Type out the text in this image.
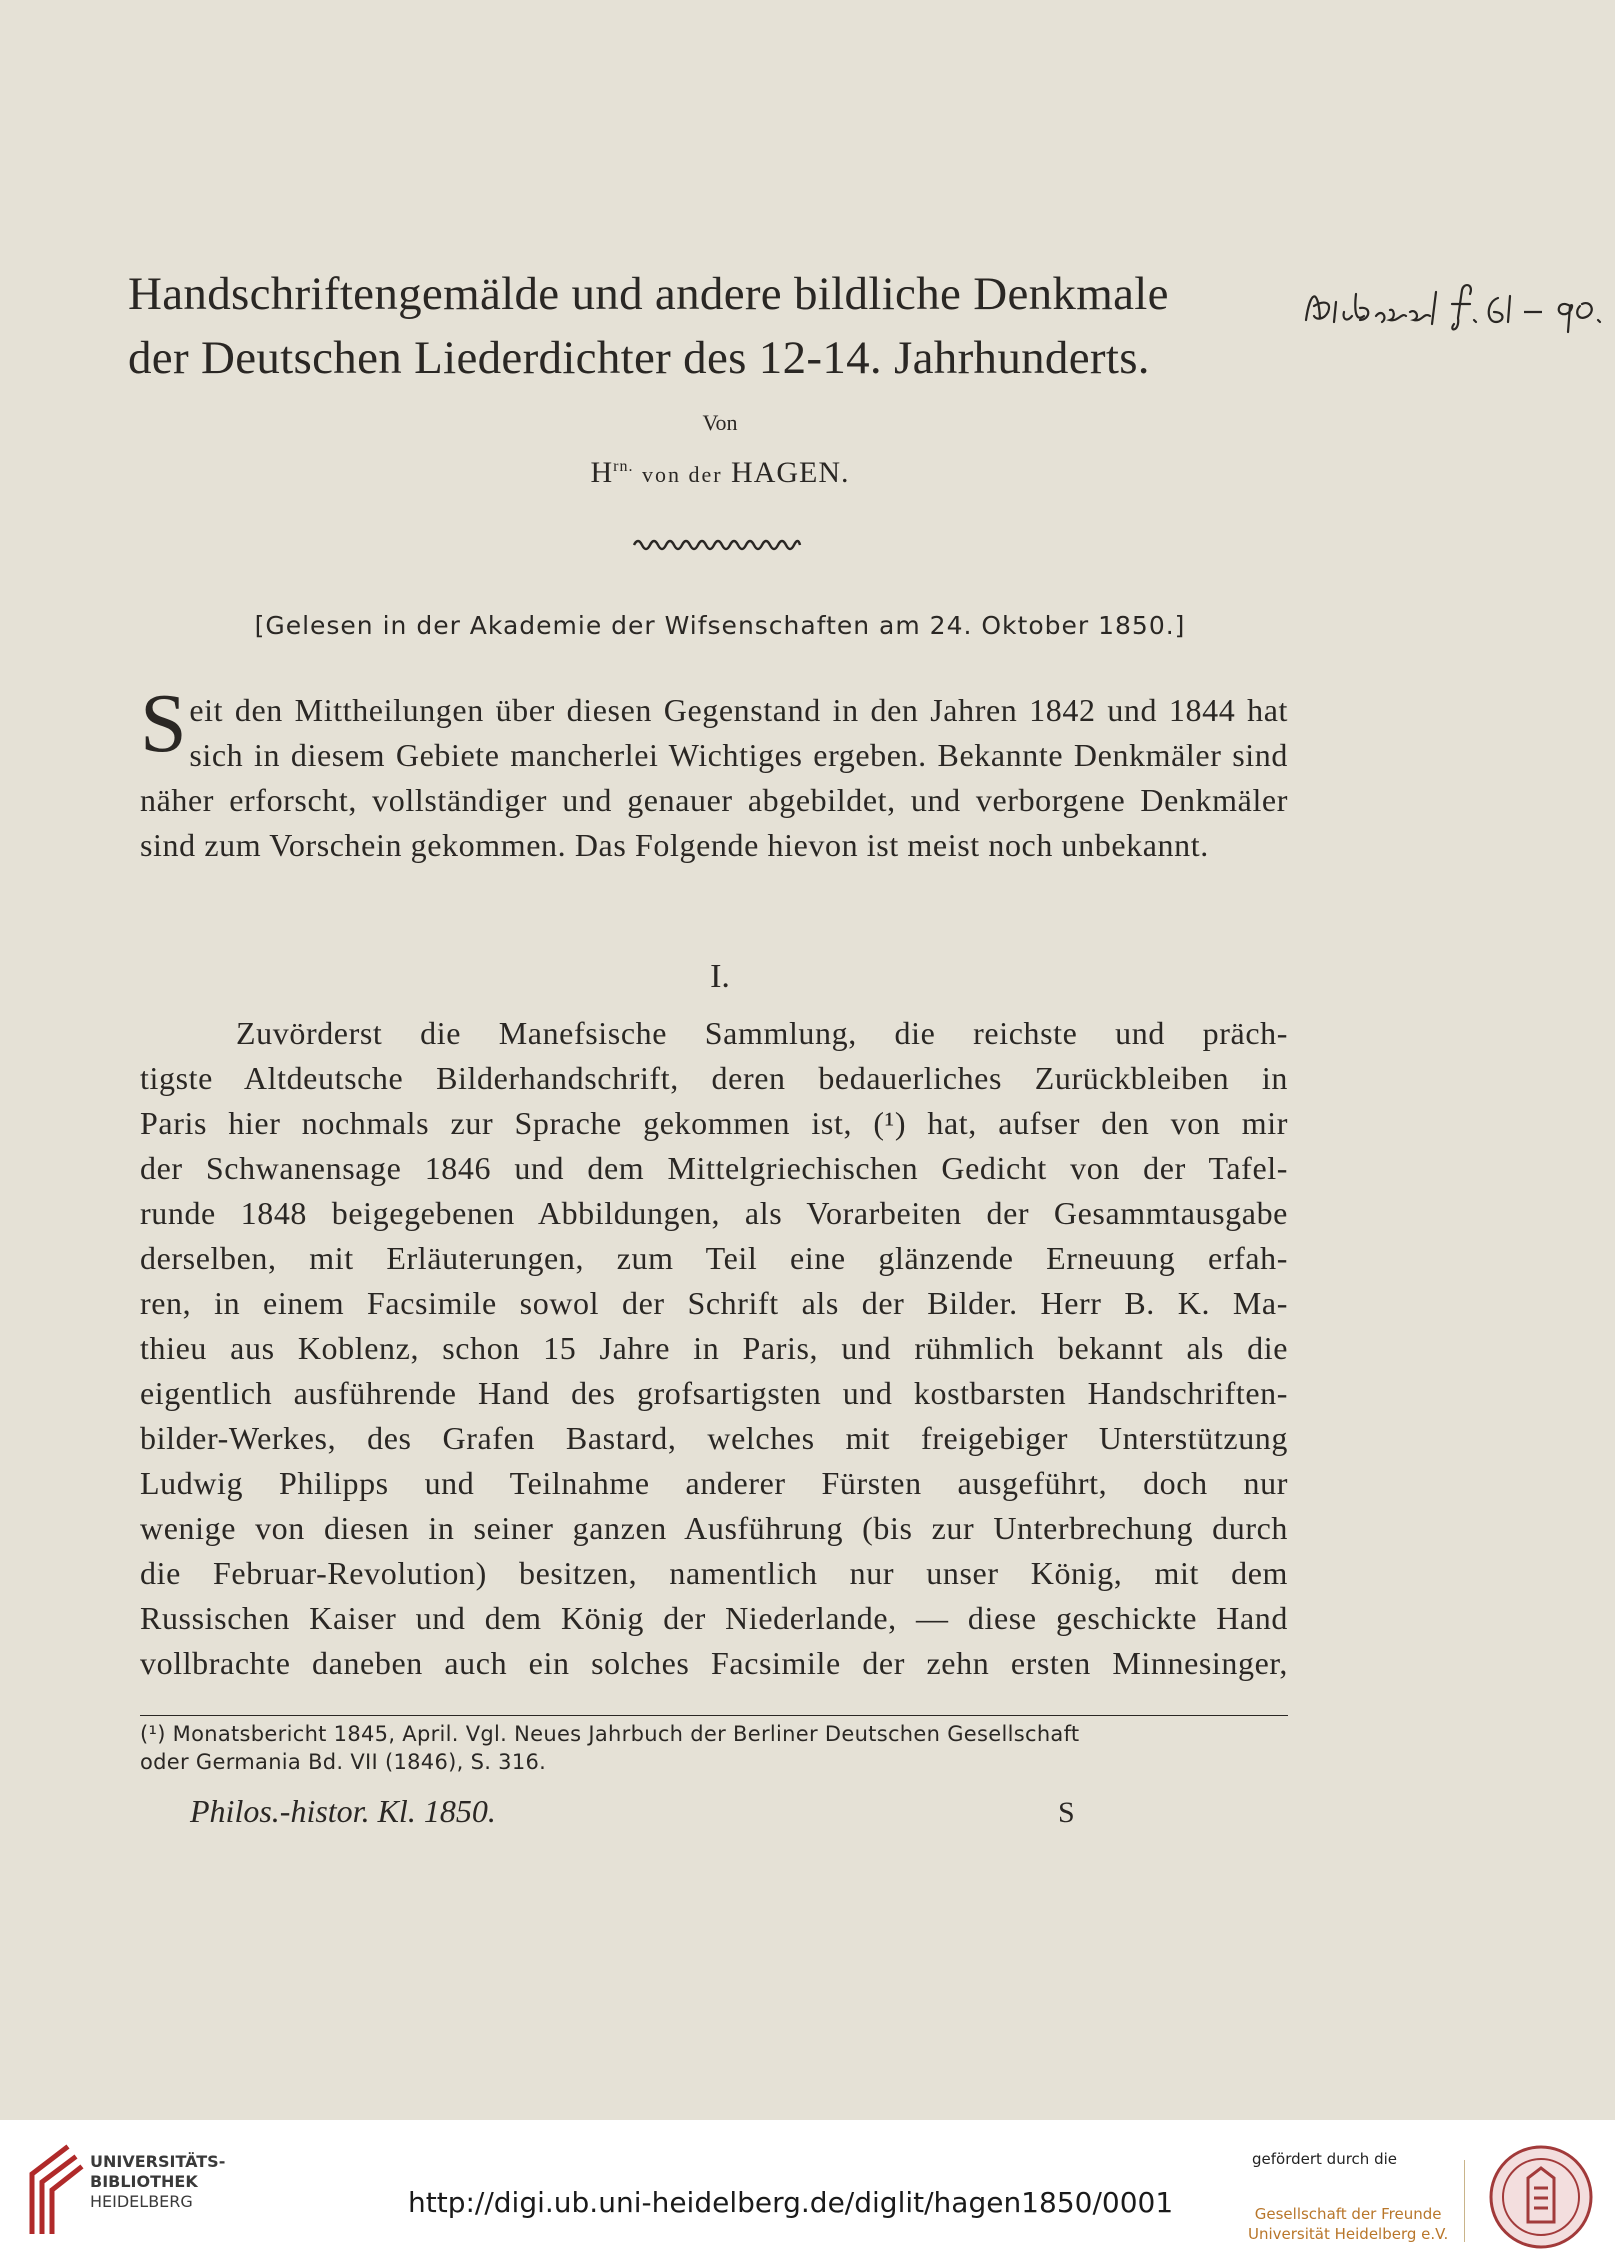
Handschriftengemälde und andere bildliche Denkmale
der Deutschen Liederdichter des 12-14. Jahrhunderts.
Von
$H^{rn.}$ von der HAGEN.
[Gelesen in der Akademie der Wifsenschaften am 24. Oktober 1850.]
Seit den Mittheilungen über diesen Gegenstand in den Jahren 1842 und 1844 hat sich in diesem Gebiete mancherlei Wichtiges ergeben. Bekannte Denkmäler sind näher erforscht, vollständiger und genauer abgebildet, und verborgene Denkmäler sind zum Vorschein gekommen. Das Folgende hievon ist meist noch unbekannt.
I.
Zuvörderst die Manefsische Sammlung, die reichste und präch-
tigste Altdeutsche Bilderhandschrift, deren bedauerliches Zurückbleiben in
Paris hier nochmals zur Sprache gekommen ist, (¹) hat, aufser den von mir
der Schwanensage 1846 und dem Mittelgriechischen Gedicht von der Tafel-
runde 1848 beigegebenen Abbildungen, als Vorarbeiten der Gesammtausgabe
derselben, mit Erläuterungen, zum Teil eine glänzende Erneuung erfah-
ren, in einem Facsimile sowol der Schrift als der Bilder. Herr B. K. Ma-
thieu aus Koblenz, schon 15 Jahre in Paris, und rühmlich bekannt als die
eigentlich ausführende Hand des grofsartigsten und kostbarsten Handschriften-
bilder-Werkes, des Grafen Bastard, welches mit freigebiger Unterstützung
Ludwig Philipps und Teilnahme anderer Fürsten ausgeführt, doch nur
wenige von diesen in seiner ganzen Ausführung (bis zur Unterbrechung durch
die Februar-Revolution) besitzen, namentlich nur unser König, mit dem
Russischen Kaiser und dem König der Niederlande, — diese geschickte Hand
vollbrachte daneben auch ein solches Facsimile der zehn ersten Minnesinger,
(¹) Monatsbericht 1845, April. Vgl. Neues Jahrbuch der Berliner Deutschen Gesellschaft
oder Germania Bd. VII (1846), S. 316.
Philos.-histor. Kl. 1850.	S
UNIVERSITÄTS-
BIBLIOTHEK
HEIDELBERG	http://digi.ub.uni-heidelberg.de/diglit/hagen1850/0001
gefördert durch die
Gesellschaft der Freunde
Universität Heidelberg e.V.
